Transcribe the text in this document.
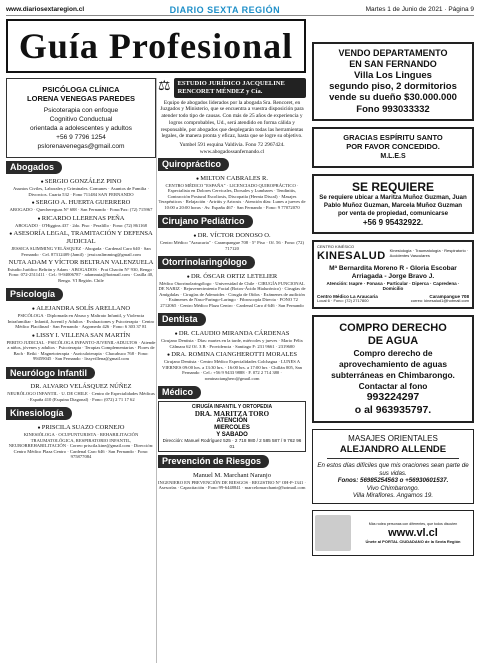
www.diariosextaregion.cl	DIARIO SEXTA REGIÓN	Martes 1 de Junio de 2021 · Página 9
Guía Profesional
PSICÓLOGA CLÍNICA
LORENA VENEGAS PAREDES
Psicoterapia con enfoque
Cognitivo Conductual
orientada a adolescentes y adultos
+56 9 7796 1254
pslorenavenegas@gmail.com
Abogados
● SERGIO GONZÁLEZ PINO
Asuntos Civiles, Laborales y Criminales. Comunes · Asuntos de Familia · Divorcios. Cuarta 532 · Fono 711484 SAN FERNANDO
● SERGIO A. HUERTA GUERRERO
ABOGADO · Quechereguas N° 688 · San Fernando · Fono/Fax: (72) 715967
● RICARDO LLERENAS PEÑA
ABOGADO · O'Higgins 437 · 2do. Piso · Peralillo · Fono: (72) 861168
● ASESORÍA LEGAL, TRAMITACIÓN Y DEFENSA JUDICIAL
JESSICA SLIMMING VELÁSQUEZ · Abogada · Cardenal Caro 640 · San Fernando · Cel. 87312409 (Jamil) · jessicaslimming@gmail.com
NUTA ADAM Y VÍCTOR BELTRAN VALENZUELA
Estudio Jurídico Beltrán y Adam · ABOGADOS · Prat Chacón N° 930, Rengo · Fono: 072-2511411 · Cel.: 9-94006787 · adamnuta@hotmail.com · Casilla 40, Rengo. VI Región. Chile
Psicología
● ALEJANDRA SOLÍS ARELLANO
PSICÓLOGA · Diplomada en Abuso y Maltrato Infantil, y Violencia Intrafamiliar · Infantil, Juvenil y Adultos · Evaluaciones y Psicoterapia · Centro Médico Placilinad · San Fernando · Argomedo 426 · Fono: 6 303 37 81
● LISSY I. VILLENA SAN MARTÍN
PERITO JUDICIAL · PSICÓLOGA INFANTO-JUVENIL-ADULTOS · Atiende a niños, jóvenes y adultos · Psicoterapia · Terapias Complementarias · Flores de Bach · Reiki · Magnetoterapia · Auriculoterapia · Chacabuco 768 · Fono: 99459045 · San Fernando · lissyvillena@gmail.com
Neurólogo Infantil
DR. ALVARO VELÁSQUEZ NÚÑEZ
NEURÓLOGO INFANTIL · U. DE CHILE · Centro de Especialidades Médicas · España 410 (Esquina Diagonal) · Fono: (072) 2 71 17 62
Kinesiología
● PRISCILA SUAZO CORNEJO
KINESIÓLOGA · OCUPUNTURISTA · REHABILITACIÓN TRAUMATOLÓGICA, RESPIRATORIO INFANTIL, NEURORREHABILITACIÓN · Correo priscila.kine@gmail.com · Dirección: Centro Médico Plaza Centro · Cardenal Caro 646 · San Fernando · Fono: 975877084
⚖	ESTUDIO JURÍDICO JACQUELINE RENCORET MÉNDEZ y Cía.
Equipo de abogados liderados por la abogada Sra. Rencoret, en Juzgados y Ministerio, que se encuentra a vuestra disposición para atender todo tipo de causas. Con más de 25 años de experiencia y logros comprobables, Ud., será atendido en forma cálida y responsable, por abogados que desplegarán todas las herramientas legales, de manera pronta y eficaz, hasta que se logre su objetivo.
Yumbel 591 esquina Valdivia. Fono 72 2967424. www.abogadossanfernando.cl
Quiropráctico
● MILTON CABRALES R.
CENTRO MÉDICO "ESPAÑA" · LICENCIADO QUIROPRÁCTICO · Especialista en Dolores Cervicales, Dorsales y Lumbares · Tendinitis, Contracción Postural Escoliosis, Discopatía (Hernia Discal) · Masajes Terapéuticos · Relajación · Artritis y Artrosis · Atención días: Lunes a jueves de 10:00 a 20:00 horas · Av. España 467 · San Fernando · Fono: 9 77072070
Cirujano Pediátrico
● DR. VÍCTOR DONOSO O.
Centro Médico "Araucaria" · Carampangue 708 · 5° Piso · Of. 56 · Fono: (72) 717120
Otorrinolaringólogo
● DR. ÓSCAR ORTIZ LETELIER
Médico Otorrinolaringólogo · Universidad de Chile · CIRUGÍA FUNCIONAL DE NARIZ · Rejuvenecimiento Facial (Botox-Ácido Hialurónico) · Cirugías de Amígdalas · Cirugías de Adenoides · Cirugía de Oídos · Exámenes de audición · Exámenes de Naso-Faringo-Laringo · Fibroscopía Directa · FONO 72 2712065 · Centro Médico Plaza Centro · Cardenal Caro # 646 · San Fernando
Dentista
● DR. CLAUDIO MIRANDA CÁRDENAS
Cirujano Dentista · Días: martes en la tarde, miércoles y jueves · Mario Félix Cálmara 62 Of. 3 B · Providencia · Santiago F: 231 9661 · 2319600
● DRA. ROMINA CIANGHEROTTI MORALES
Cirujano Dentista · Centro Médico Especialidades Colchagua · LUNES A VIERNES 09:00 hrs. a 13:30 hrs. · 16:00 hrs. a 17:00 hrs · Chillán 005, San Fernando · Cel.: +56 9 9433 9888 · F. 072 2 714 380 · rominacianghero@gmail.com
Médico
CIRUGÍA INFANTIL Y ORTOPEDIA
DRA. MARITZA TORO
ATENCIÓN
MIERCOLES
Y SABADO
Dirección: Manuel Rodríguez 525 · 2 718 980 / 2 585 587 / 9 762 96 01
Prevención de Riesgos
Manuel M. Marchant Naranjo
INGENIERO EN PREVENCIÓN DE RIESGOS · REGISTRO N° OH-P-1341 · Asesorías · Capacitación · Fono 99-6448841 · marcelomarchantr@hotmail.com
VENDO DEPARTAMENTO
EN SAN FERNANDO
Villa Los Lingues
segundo piso, 2 dormitorios
vende su dueño $30.000.000
Fono 993033332
GRACIAS ESPÍRITU SANTO
POR FAVOR CONCEDIDO.
M.L.E.S
SE REQUIERE
Se requiere ubicar a Maritza Muñoz Guzman, Juan Pablo Muñoz Guzman, Marcela Muñoz Guzman por venta de propiedad, comunicarse
+56 9 95432922.
CENTRO KINÉSICO
KINESALUD Kinesiología · Traumatología · Respiratorio · Accidentes Vasculares
Mª Bernardita Moreno R - Gloria Escobar Arriagada - Jorge Bravo J.
Atención: Isapre · Fonasa · Particular · Diperca · Capredena · Domicilio
Centro Médico La Araucaria	Carampangue 708
Local 6 · Fono: (72) 2717800	correo: kinesalud1@hotmail.com
COMPRO DERECHO
DE AGUA
Compro derecho de aprovechamiento de aguas subterráneas en Chimbarongo.
Contactar al fono
993224297
o al 963935797.
MASAJES ORIENTALES
ALEJANDRO ALLENDE
En estos días difíciles que mis oraciones sean parte de sus vidas.
Fonos: 56985254563 o +56930601537.
Vivo Chimbarongo.
Villa Miraflores. Angamos 19.
Más rodea personas con diferentes, que todos discuten
www.vl.cl
Únete al PORTAL CIUDADANO de la Sexta Región
